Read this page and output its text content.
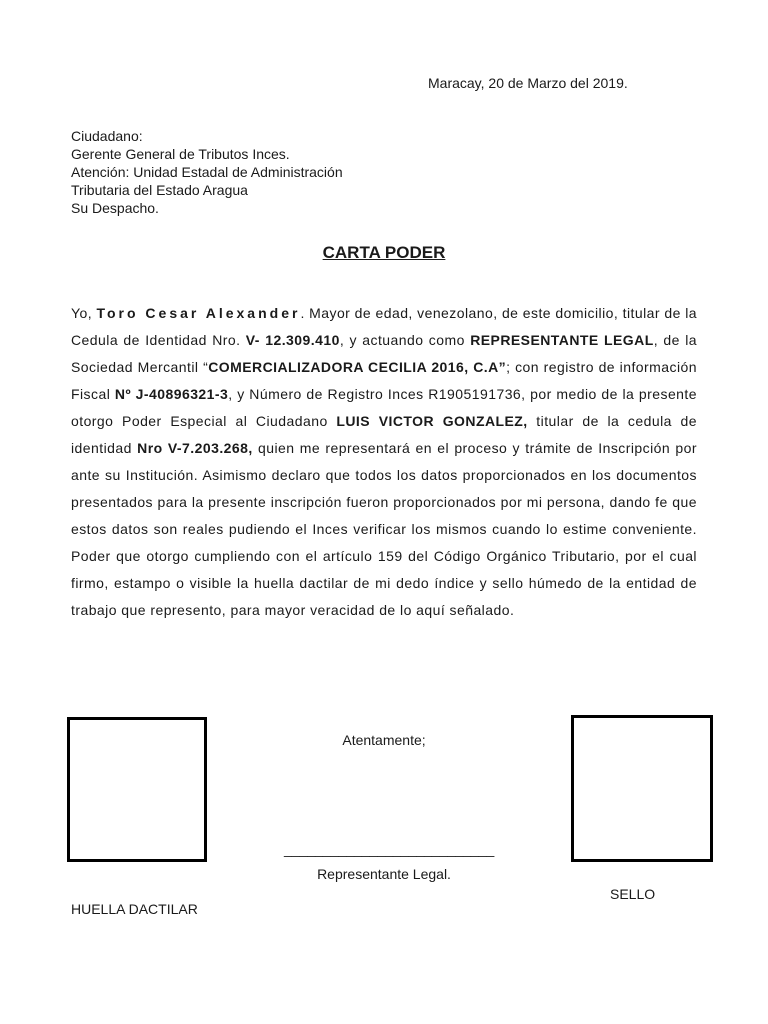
Maracay, 20 de Marzo del 2019.
Ciudadano:
Gerente General de Tributos Inces.
Atención: Unidad Estadal de Administración
Tributaria del Estado Aragua
Su Despacho.
CARTA PODER
Yo, Toro Cesar Alexander. Mayor de edad, venezolano, de este domicilio, titular de la Cedula de Identidad Nro. V- 12.309.410, y actuando como REPRESENTANTE LEGAL, de la Sociedad Mercantil “COMERCIALIZADORA CECILIA 2016, C.A”; con registro de información Fiscal Nº J-40896321-3, y Número de Registro Inces R1905191736, por medio de la presente otorgo Poder Especial al Ciudadano LUIS VICTOR GONZALEZ, titular de la cedula de identidad Nro V-7.203.268, quien me representará en el proceso y trámite de Inscripción por ante su Institución. Asimismo declaro que todos los datos proporcionados en los documentos presentados para la presente inscripción fueron proporcionados por mi persona, dando fe que estos datos son reales pudiendo el Inces verificar los mismos cuando lo estime conveniente. Poder que otorgo cumpliendo con el artículo 159 del Código Orgánico Tributario, por el cual firmo, estampo o visible la huella dactilar de mi dedo índice y sello húmedo de la entidad de trabajo que represento, para mayor veracidad de lo aquí señalado.
Atentamente;
___________________________
Representante Legal.
HUELLA DACTILAR
SELLO
